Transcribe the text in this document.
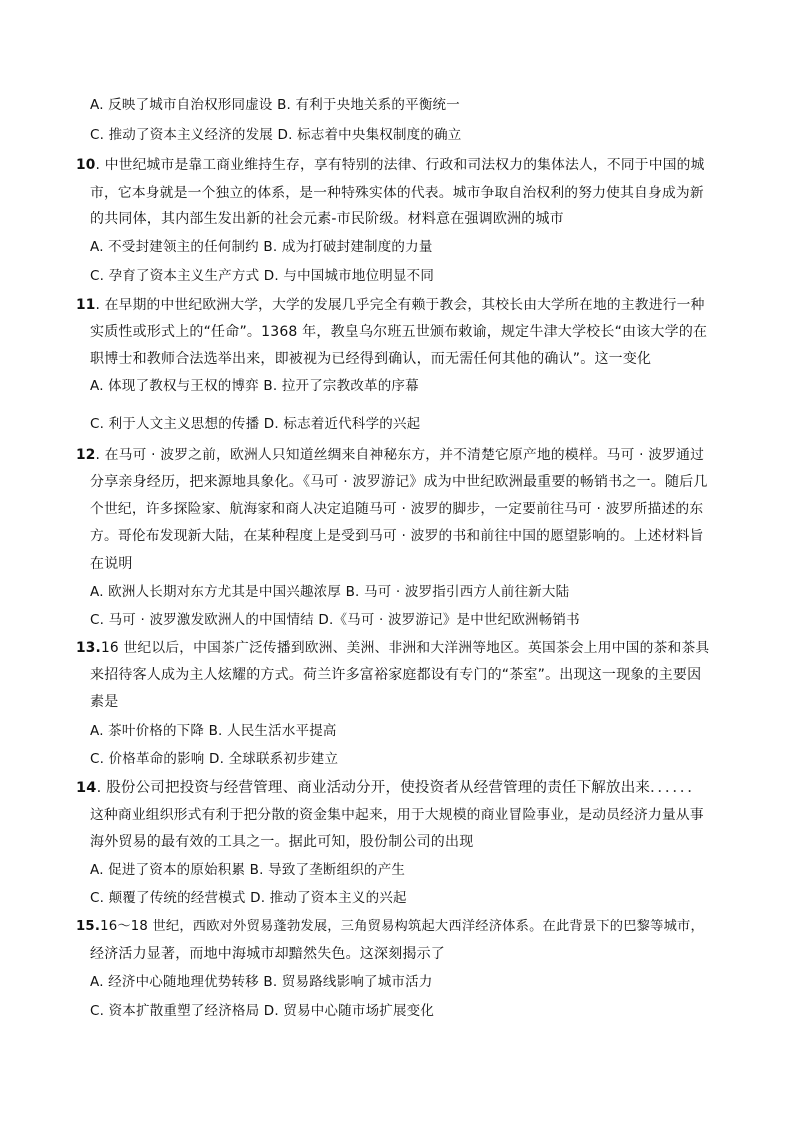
A. 反映了城市自治权形同虚设 B. 有利于央地关系的平衡统一
C. 推动了资本主义经济的发展 D. 标志着中央集权制度的确立
10. 中世纪城市是靠工商业维持生存，享有特别的法律、行政和司法权力的集体法人，不同于中国的城
市，它本身就是一个独立的体系，是一种特殊实体的代表。城市争取自治权利的努力使其自身成为新
的共同体，其内部生发出新的社会元素-市民阶级。材料意在强调欧洲的城市
A. 不受封建领主的任何制约 B. 成为打破封建制度的力量
C. 孕育了资本主义生产方式 D. 与中国城市地位明显不同
11. 在早期的中世纪欧洲大学，大学的发展几乎完全有赖于教会，其校长由大学所在地的主教进行一种
实质性或形式上的“任命”。1368 年，教皇乌尔班五世颁布敕谕，规定牛津大学校长“由该大学的在
职博士和教师合法选举出来，即被视为已经得到确认，而无需任何其他的确认”。这一变化
A. 体现了教权与王权的博弈 B. 拉开了宗教改革的序幕
C. 利于人文主义思想的传播 D. 标志着近代科学的兴起
12. 在马可 · 波罗之前，欧洲人只知道丝绸来自神秘东方，并不清楚它原产地的模样。马可 · 波罗通过
分享亲身经历，把来源地具象化。《马可 · 波罗游记》成为中世纪欧洲最重要的畅销书之一。随后几
个世纪，许多探险家、航海家和商人决定追随马可 · 波罗的脚步，一定要前往马可 · 波罗所描述的东
方。哥伦布发现新大陆，在某种程度上是受到马可 · 波罗的书和前往中国的愿望影响的。上述材料旨
在说明
A. 欧洲人长期对东方尤其是中国兴趣浓厚 B. 马可 · 波罗指引西方人前往新大陆
C. 马可 · 波罗激发欧洲人的中国情结 D.《马可 · 波罗游记》是中世纪欧洲畅销书
13.16 世纪以后，中国茶广泛传播到欧洲、美洲、非洲和大洋洲等地区。英国茶会上用中国的茶和茶具
来招待客人成为主人炫耀的方式。荷兰许多富裕家庭都设有专门的“茶室”。出现这一现象的主要因
素是
A. 茶叶价格的下降 B. 人民生活水平提高
C. 价格革命的影响 D. 全球联系初步建立
14. 股份公司把投资与经营管理、商业活动分开，使投资者从经营管理的责任下解放出来．．．．．．
这种商业组织形式有利于把分散的资金集中起来，用于大规模的商业冒险事业，是动员经济力量从事
海外贸易的最有效的工具之一。据此可知，股份制公司的出现
A. 促进了资本的原始积累 B. 导致了垄断组织的产生
C. 颠覆了传统的经营模式 D. 推动了资本主义的兴起
15.16～18 世纪，西欧对外贸易蓬勃发展，三角贸易构筑起大西洋经济体系。在此背景下的巴黎等城市，
经济活力显著，而地中海城市却黯然失色。这深刻揭示了
A. 经济中心随地理优势转移 B. 贸易路线影响了城市活力
C. 资本扩散重塑了经济格局 D. 贸易中心随市场扩展变化
